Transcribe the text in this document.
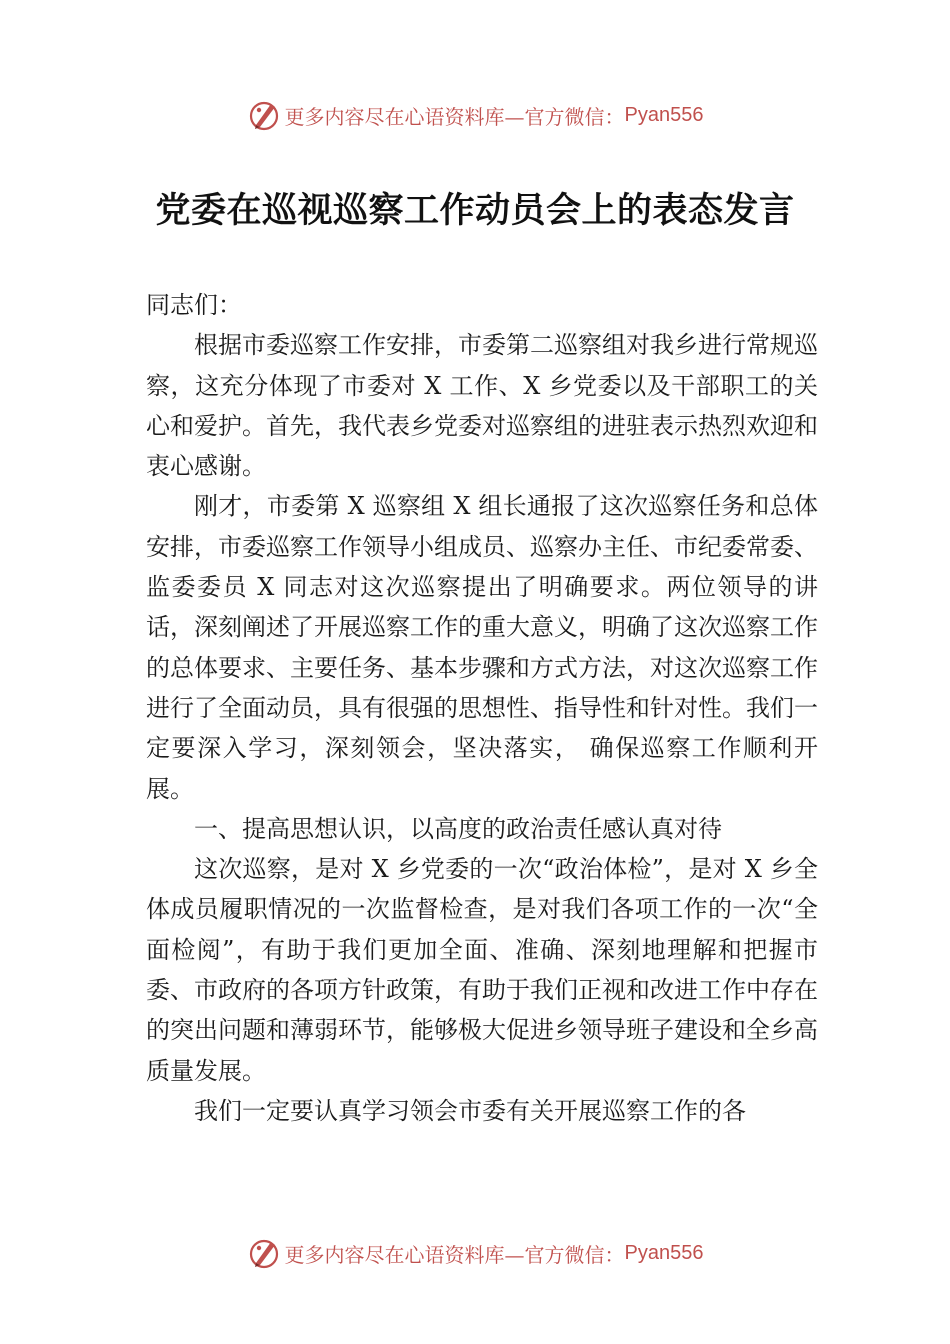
更多内容尽在心语资料库—官方微信： Pyan556
党委在巡视巡察工作动员会上的表态发言

同志们：

根据市委巡察工作安排，市委第二巡察组对我乡进行常规巡察，这充分体现了市委对 X 工作、X 乡党委以及干部职工的关心和爱护。首先，我代表乡党委对巡察组的进驻表示热烈欢迎和衷心感谢。

刚才，市委第 X 巡察组 X 组长通报了这次巡察任务和总体安排，市委巡察工作领导小组成员、巡察办主任、市纪委常委、监委委员 X 同志对这次巡察提出了明确要求。两位领导的讲话，深刻阐述了开展巡察工作的重大意义，明确了这次巡察工作的总体要求、主要任务、基本步骤和方式方法，对这次巡察工作进行了全面动员，具有很强的思想性、指导性和针对性。我们一定要深入学习，深刻领会，坚决落实， 确保巡察工作顺利开展。

一、提高思想认识，以高度的政治责任感认真对待

这次巡察，是对 X 乡党委的一次“政治体检”，是对 X 乡全体成员履职情况的一次监督检查，是对我们各项工作的一次“全面检阅”，有助于我们更加全面、准确、深刻地理解和把握市委、市政府的各项方针政策，有助于我们正视和改进工作中存在的突出问题和薄弱环节，能够极大促进乡领导班子建设和全乡高质量发展。

我们一定要认真学习领会市委有关开展巡察工作的各

更多内容尽在心语资料库—官方微信： Pyan556
